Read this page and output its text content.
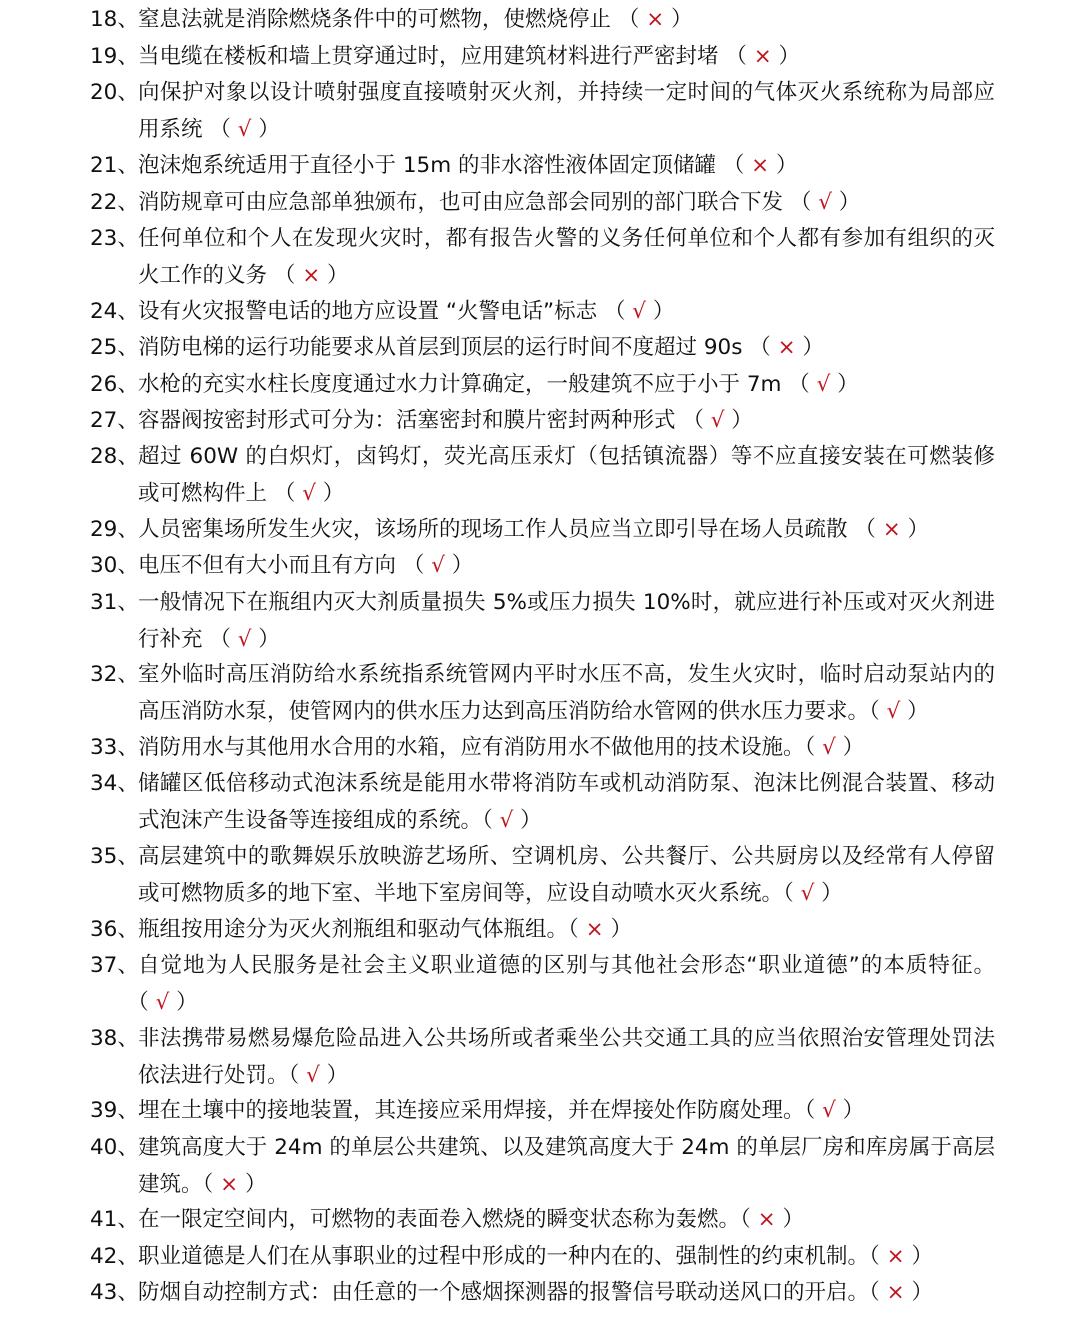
18、 窒息法就是消除燃烧条件中的可燃物，使燃烧停止 （ × ）
19、 当电缆在楼板和墙上贯穿通过时，应用建筑材料进行严密封堵 （ × ）
20、 向保护对象以设计喷射强度直接喷射灭火剂，并持续一定时间的气体灭火系统称为局部应用系统 （ √ ）
21、 泡沫炮系统适用于直径小于 15m 的非水溶性液体固定顶储罐 （ × ）
22、 消防规章可由应急部单独颁布，也可由应急部会同别的部门联合下发 （ √ ）
23、 任何单位和个人在发现火灾时，都有报告火警的义务任何单位和个人都有参加有组织的灭火工作的义务 （ × ）
24、 设有火灾报警电话的地方应设置 “火警电话”标志 （ √ ）
25、 消防电梯的运行功能要求从首层到顶层的运行时间不度超过 90s （ × ）
26、 水枪的充实水柱长度度通过水力计算确定，一般建筑不应于小于 7m （ √ ）
27、 容器阀按密封形式可分为：活塞密封和膜片密封两种形式 （ √ ）
28、 超过 60W 的白炽灯，卤钨灯，荧光高压汞灯（包括镇流器）等不应直接安装在可燃装修或可燃构件上 （ √ ）
29、 人员密集场所发生火灾，该场所的现场工作人员应当立即引导在场人员疏散 （ × ）
30、 电压不但有大小而且有方向 （ √ ）
31、 一般情况下在瓶组内灭大剂质量损失 5%或压力损失 10%时，就应进行补压或对灭火剂进行补充 （ √ ）
32、 室外临时高压消防给水系统指系统管网内平时水压不高，发生火灾时，临时启动泵站内的高压消防水泵，使管网内的供水压力达到高压消防给水管网的供水压力要求。（ √ ）
33、 消防用水与其他用水合用的水箱，应有消防用水不做他用的技术设施。（ √ ）
34、 储罐区低倍移动式泡沫系统是能用水带将消防车或机动消防泵、泡沫比例混合装置、移动式泡沫产生设备等连接组成的系统。（ √ ）
35、 高层建筑中的歌舞娱乐放映游艺场所、空调机房、公共餐厅、公共厨房以及经常有人停留或可燃物质多的地下室、半地下室房间等，应设自动喷水灭火系统。（ √ ）
36、 瓶组按用途分为灭火剂瓶组和驱动气体瓶组。（ × ）
37、 自觉地为人民服务是社会主义职业道德的区别与其他社会形态“职业道德”的本质特征。（ √ ）
38、 非法携带易燃易爆危险品进入公共场所或者乘坐公共交通工具的应当依照治安管理处罚法依法进行处罚。（ √ ）
39、 埋在土壤中的接地装置，其连接应采用焊接，并在焊接处作防腐处理。（ √ ）
40、 建筑高度大于 24m 的单层公共建筑、以及建筑高度大于 24m 的单层厂房和库房属于高层建筑。（ × ）
41、 在一限定空间内，可燃物的表面卷入燃烧的瞬变状态称为轰燃。（ × ）
42、 职业道德是人们在从事职业的过程中形成的一种内在的、强制性的约束机制。（ × ）
43、 防烟自动控制方式：由任意的一个感烟探测器的报警信号联动送风口的开启。（ × ）
